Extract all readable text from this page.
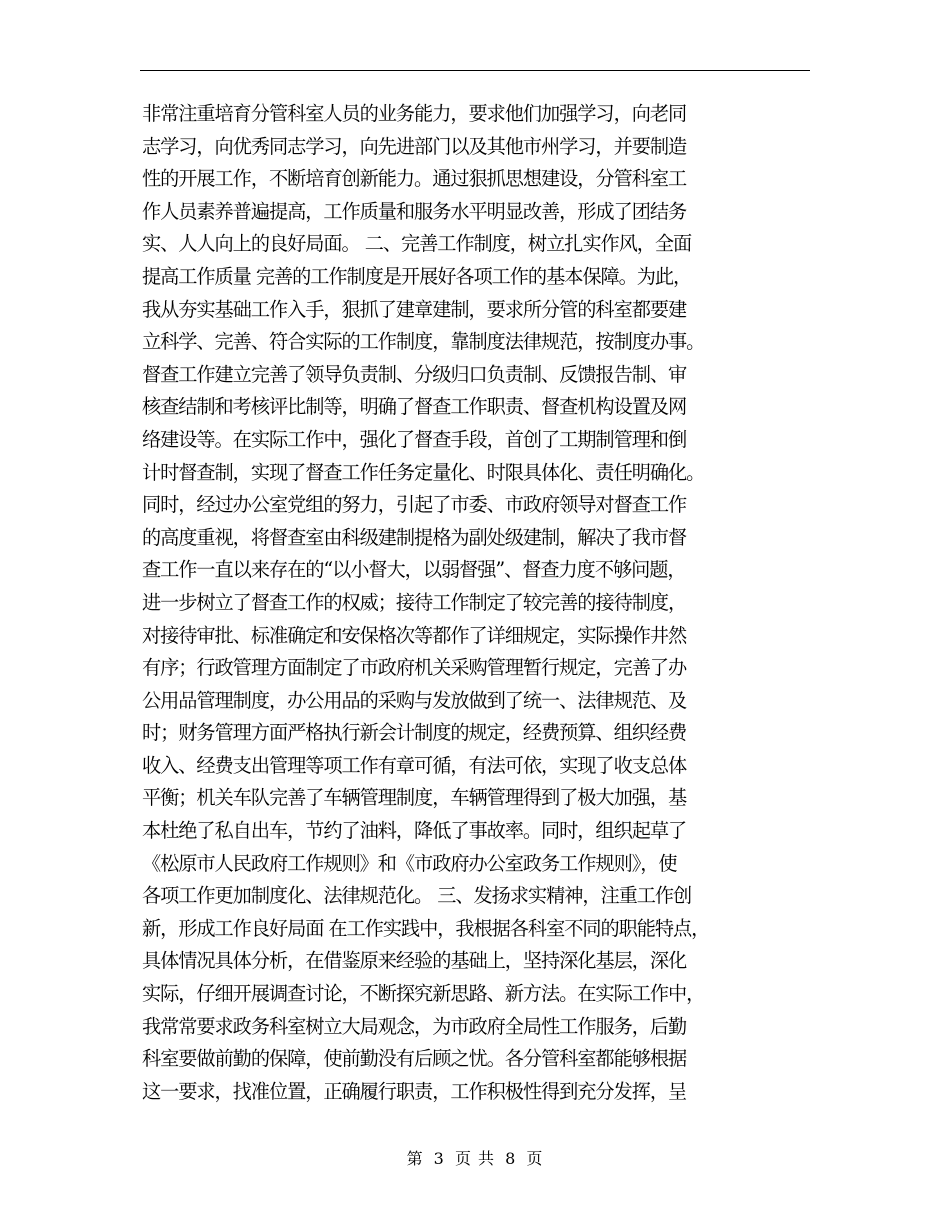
非常注重培育分管科室人员的业务能力，要求他们加强学习，向老同
志学习，向优秀同志学习，向先进部门以及其他市州学习，并要制造
性的开展工作，不断培育创新能力。通过狠抓思想建设，分管科室工
作人员素养普遍提高，工作质量和服务水平明显改善，形成了团结务
实、人人向上的良好局面。 二、完善工作制度，树立扎实作风，全面
提高工作质量 完善的工作制度是开展好各项工作的基本保障。为此，
我从夯实基础工作入手，狠抓了建章建制，要求所分管的科室都要建
立科学、完善、符合实际的工作制度，靠制度法律规范，按制度办事。
督查工作建立完善了领导负责制、分级归口负责制、反馈报告制、审
核查结制和考核评比制等，明确了督查工作职责、督查机构设置及网
络建设等。在实际工作中，强化了督查手段，首创了工期制管理和倒
计时督查制，实现了督查工作任务定量化、时限具体化、责任明确化。
同时，经过办公室党组的努力，引起了市委、市政府领导对督查工作
的高度重视，将督查室由科级建制提格为副处级建制，解决了我市督
查工作一直以来存在的“以小督大，以弱督强”、督查力度不够问题，
进一步树立了督查工作的权威；接待工作制定了较完善的接待制度，
对接待审批、标准确定和安保格次等都作了详细规定，实际操作井然
有序；行政管理方面制定了市政府机关采购管理暂行规定，完善了办
公用品管理制度，办公用品的采购与发放做到了统一、法律规范、及
时；财务管理方面严格执行新会计制度的规定，经费预算、组织经费
收入、经费支出管理等项工作有章可循，有法可依，实现了收支总体
平衡；机关车队完善了车辆管理制度，车辆管理得到了极大加强，基
本杜绝了私自出车，节约了油料，降低了事故率。同时，组织起草了
《松原市人民政府工作规则》和《市政府办公室政务工作规则》，使
各项工作更加制度化、法律规范化。 三、发扬求实精神，注重工作创
新，形成工作良好局面 在工作实践中，我根据各科室不同的职能特点，
具体情况具体分析，在借鉴原来经验的基础上，坚持深化基层，深化
实际，仔细开展调查讨论，不断探究新思路、新方法。在实际工作中，
我常常要求政务科室树立大局观念，为市政府全局性工作服务，后勤
科室要做前勤的保障，使前勤没有后顾之忧。各分管科室都能够根据
这一要求，找准位置，正确履行职责，工作积极性得到充分发挥，呈
第 3 页 共 8 页
